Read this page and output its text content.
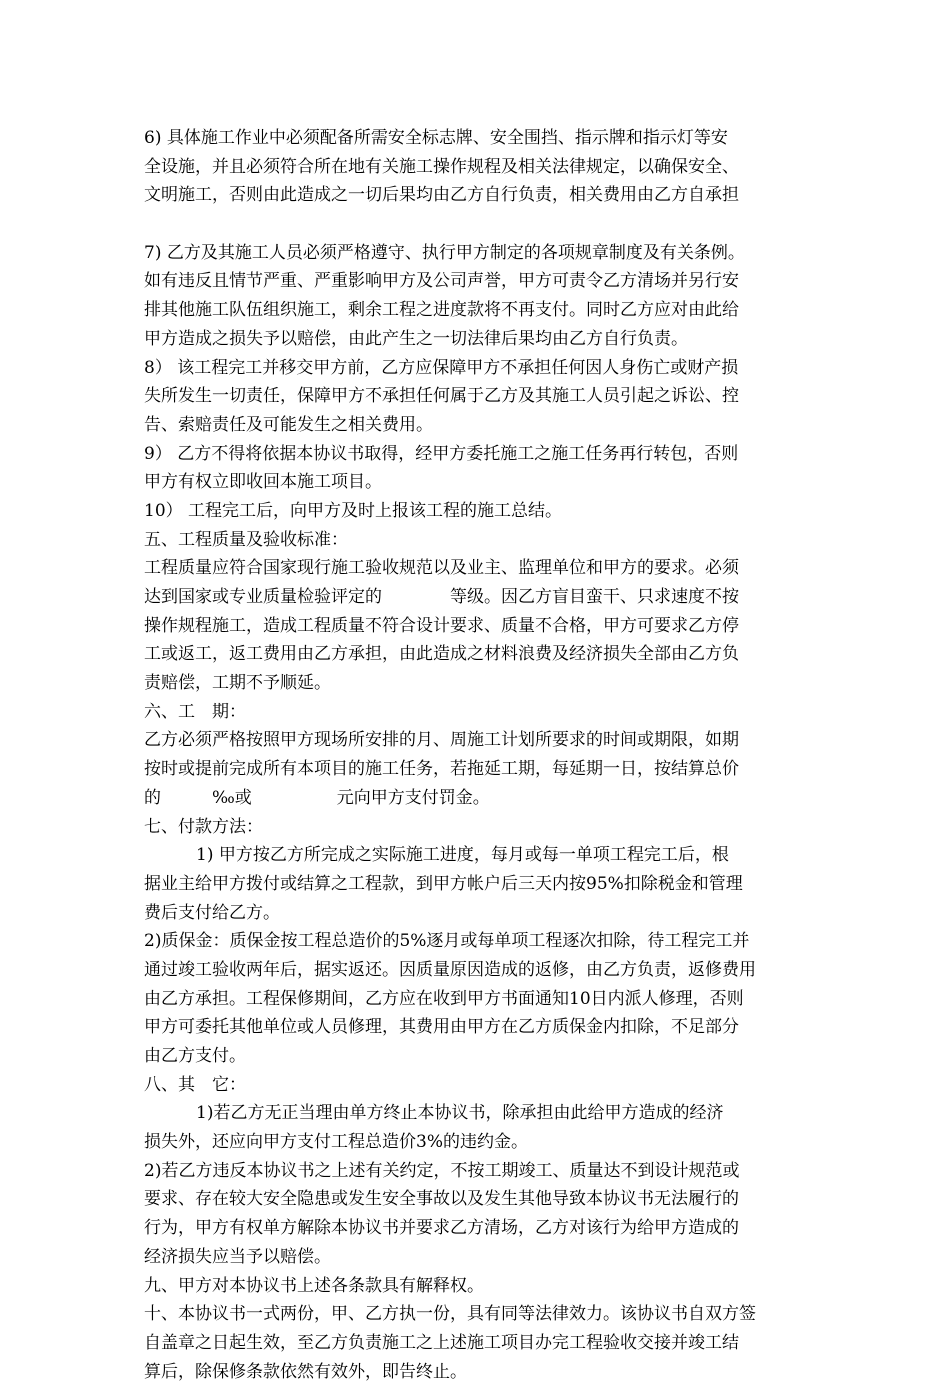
6) 具体施工作业中必须配备所需安全标志牌、安全围挡、指示牌和指示灯等安
全设施，并且必须符合所在地有关施工操作规程及相关法律规定，以确保安全、
文明施工，否则由此造成之一切后果均由乙方自行负责，相关费用由乙方自承担
7) 乙方及其施工人员必须严格遵守、执行甲方制定的各项规章制度及有关条例。
如有违反且情节严重、严重影响甲方及公司声誉，甲方可责令乙方清场并另行安
排其他施工队伍组织施工，剩余工程之进度款将不再支付。同时乙方应对由此给
甲方造成之损失予以赔偿，由此产生之一切法律后果均由乙方自行负责。
8） 该工程完工并移交甲方前，乙方应保障甲方不承担任何因人身伤亡或财产损
失所发生一切责任，保障甲方不承担任何属于乙方及其施工人员引起之诉讼、控
告、索赔责任及可能发生之相关费用。
9） 乙方不得将依据本协议书取得，经甲方委托施工之施工任务再行转包，否则
甲方有权立即收回本施工项目。
10） 工程完工后，向甲方及时上报该工程的施工总结。
五、工程质量及验收标准：
工程质量应符合国家现行施工验收规范以及业主、监理单位和甲方的要求。必须
达到国家或专业质量检验评定的　　　　等级。因乙方盲目蛮干、只求速度不按
操作规程施工，造成工程质量不符合设计要求、质量不合格，甲方可要求乙方停
工或返工，返工费用由乙方承担，由此造成之材料浪费及经济损失全部由乙方负
责赔偿，工期不予顺延。
六、工　期：
乙方必须严格按照甲方现场所安排的月、周施工计划所要求的时间或期限，如期
按时或提前完成所有本项目的施工任务，若拖延工期，每延期一日，按结算总价
的　　　‰或　　　　　元向甲方支付罚金。
七、付款方法：
1) 甲方按乙方所完成之实际施工进度，每月或每一单项工程完工后，根
据业主给甲方拨付或结算之工程款，到甲方帐户后三天内按95%扣除税金和管理
费后支付给乙方。
2)质保金：质保金按工程总造价的5%逐月或每单项工程逐次扣除，待工程完工并
通过竣工验收两年后，据实返还。因质量原因造成的返修，由乙方负责，返修费用
由乙方承担。工程保修期间，乙方应在收到甲方书面通知10日内派人修理，否则
甲方可委托其他单位或人员修理，其费用由甲方在乙方质保金内扣除，不足部分
由乙方支付。
八、其　它：
1)若乙方无正当理由单方终止本协议书，除承担由此给甲方造成的经济
损失外，还应向甲方支付工程总造价3%的违约金。
2)若乙方违反本协议书之上述有关约定，不按工期竣工、质量达不到设计规范或
要求、存在较大安全隐患或发生安全事故以及发生其他导致本协议书无法履行的
行为，甲方有权单方解除本协议书并要求乙方清场，乙方对该行为给甲方造成的
经济损失应当予以赔偿。
九、甲方对本协议书上述各条款具有解释权。
十、本协议书一式两份，甲、乙方执一份，具有同等法律效力。该协议书自双方签
自盖章之日起生效，至乙方负责施工之上述施工项目办完工程验收交接并竣工结
算后，除保修条款依然有效外，即告终止。
